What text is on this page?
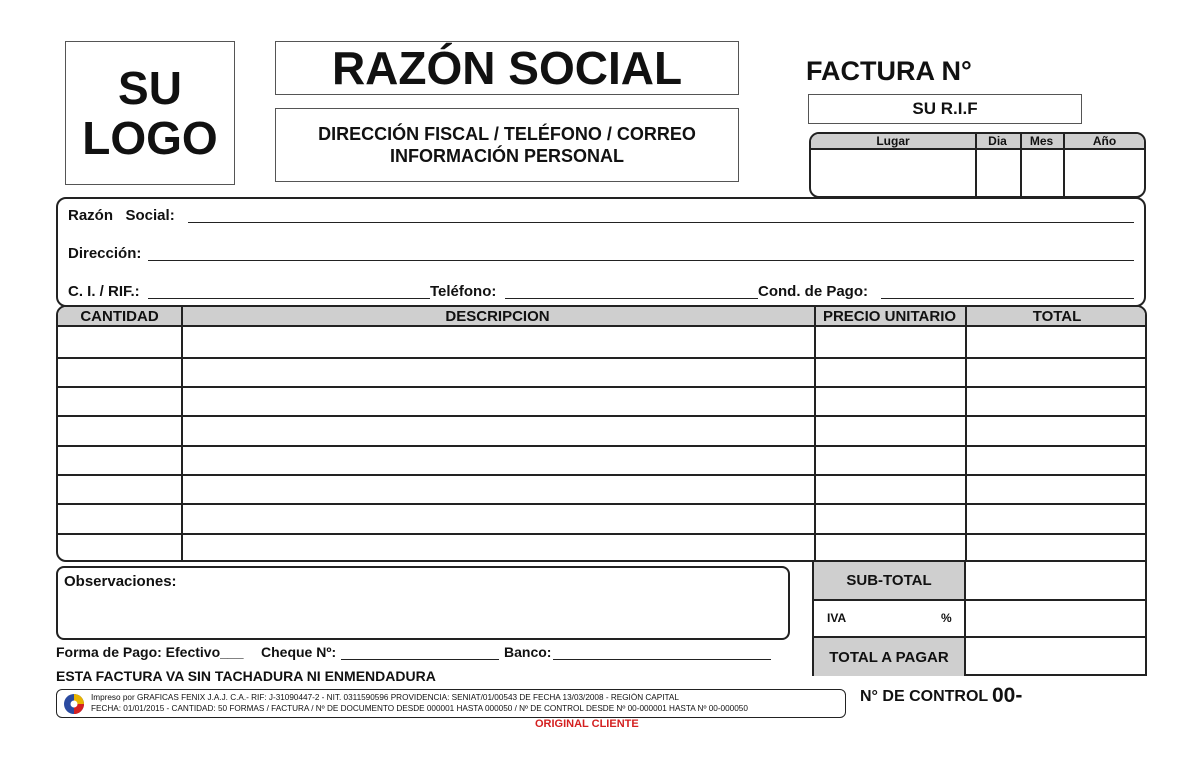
SU
LOGO
RAZÓN SOCIAL
DIRECCIÓN FISCAL / TELÉFONO / CORREO
INFORMACIÓN PERSONAL
FACTURA N°
SU R.I.F
Lugar	Dia	Mes	Año
Razón   Social:
Dirección:
C. I. / RIF.:	Teléfono:	Cond. de Pago:
CANTIDAD	DESCRIPCION	PRECIO UNITARIO	TOTAL
Observaciones:	SUB-TOTAL
IVA	%
TOTAL A PAGAR
Forma de Pago: Efectivo___ Cheque Nº:	Banco:
ESTA FACTURA VA SIN TACHADURA NI ENMENDADURA
Impreso por GRAFICAS FENIX J.A.J. C.A.- RIF: J-31090447-2 - NIT. 0311590596 PROVIDENCIA: SENIAT/01/00543 DE FECHA 13/03/2008 - REGIÓN CAPITAL
FECHA: 01/01/2015 - CANTIDAD: 50 FORMAS / FACTURA / Nº DE DOCUMENTO DESDE 000001 HASTA 000050 / Nº DE CONTROL DESDE Nº 00-000001 HASTA Nº 00-000050
N° DE CONTROL 00-
ORIGINAL CLIENTE
